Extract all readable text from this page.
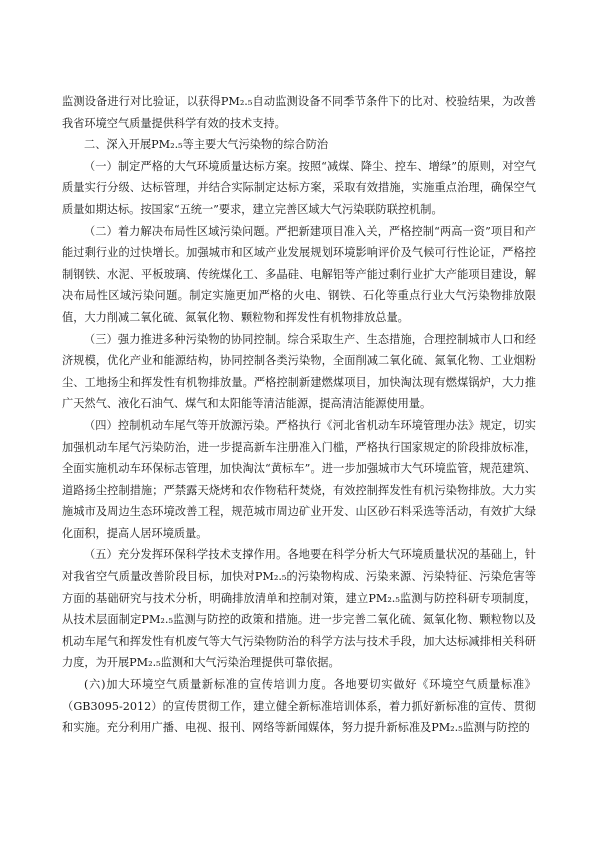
监测设备进行对比验证，以获得PM₂.₅自动监测设备不同季节条件下的比对、校验结果，为改善我省环境空气质量提供科学有效的技术支持。

二、深入开展PM₂.₅等主要大气污染物的综合防治

（一）制定严格的大气环境质量达标方案。按照“减煤、降尘、控车、增绿”的原则，对空气质量实行分级、达标管理，并结合实际制定达标方案，采取有效措施，实施重点治理，确保空气质量如期达标。按国家“五统一”要求，建立完善区域大气污染联防联控机制。

（二）着力解决布局性区域污染问题。严把新建项目准入关，严格控制“两高一资”项目和产能过剩行业的过快增长。加强城市和区域产业发展规划环境影响评价及气候可行性论证，严格控制钢铁、水泥、平板玻璃、传统煤化工、多晶硅、电解铝等产能过剩行业扩大产能项目建设，解决布局性区域污染问题。制定实施更加严格的火电、钢铁、石化等重点行业大气污染物排放限值，大力削减二氧化硫、氮氧化物、颗粒物和挥发性有机物排放总量。

（三）强力推进多种污染物的协同控制。综合采取生产、生态措施，合理控制城市人口和经济规模，优化产业和能源结构，协同控制各类污染物，全面削减二氧化硫、氮氧化物、工业烟粉尘、工地扬尘和挥发性有机物排放量。严格控制新建燃煤项目，加快淘汰现有燃煤锅炉，大力推广天然气、液化石油气、煤气和太阳能等清洁能源，提高清洁能源使用量。

（四）控制机动车尾气等开放源污染。严格执行《河北省机动车环境管理办法》规定，切实加强机动车尾气污染防治，进一步提高新车注册准入门槛，严格执行国家规定的阶段排放标准，全面实施机动车环保标志管理，加快淘汰“黄标车”。进一步加强城市大气环境监管，规范建筑、道路扬尘控制措施；严禁露天烧烤和农作物秸秆焚烧，有效控制挥发性有机污染物排放。大力实施城市及周边生态环境改善工程，规范城市周边矿业开发、山区砂石料采选等活动，有效扩大绿化面积，提高人居环境质量。

（五）充分发挥环保科学技术支撑作用。各地要在科学分析大气环境质量状况的基础上，针对我省空气质量改善阶段目标，加快对PM₂.₅的污染物构成、污染来源、污染特征、污染危害等方面的基础研究与技术分析，明确排放清单和控制对策，建立PM₂.₅监测与防控科研专项制度，从技术层面制定PM₂.₅监测与防控的政策和措施。进一步完善二氧化硫、氮氧化物、颗粒物以及机动车尾气和挥发性有机废气等大气污染物防治的科学方法与技术手段，加大达标减排相关科研力度，为开展PM₂.₅监测和大气污染治理提供可靠依据。

(六)加大环境空气质量新标准的宣传培训力度。各地要切实做好《环境空气质量标准》（GB3095-2012）的宣传贯彻工作，建立健全新标准培训体系，着力抓好新标准的宣传、贯彻和实施。充分利用广播、电视、报刊、网络等新闻媒体，努力提升新标准及PM₂.₅监测与防控的
